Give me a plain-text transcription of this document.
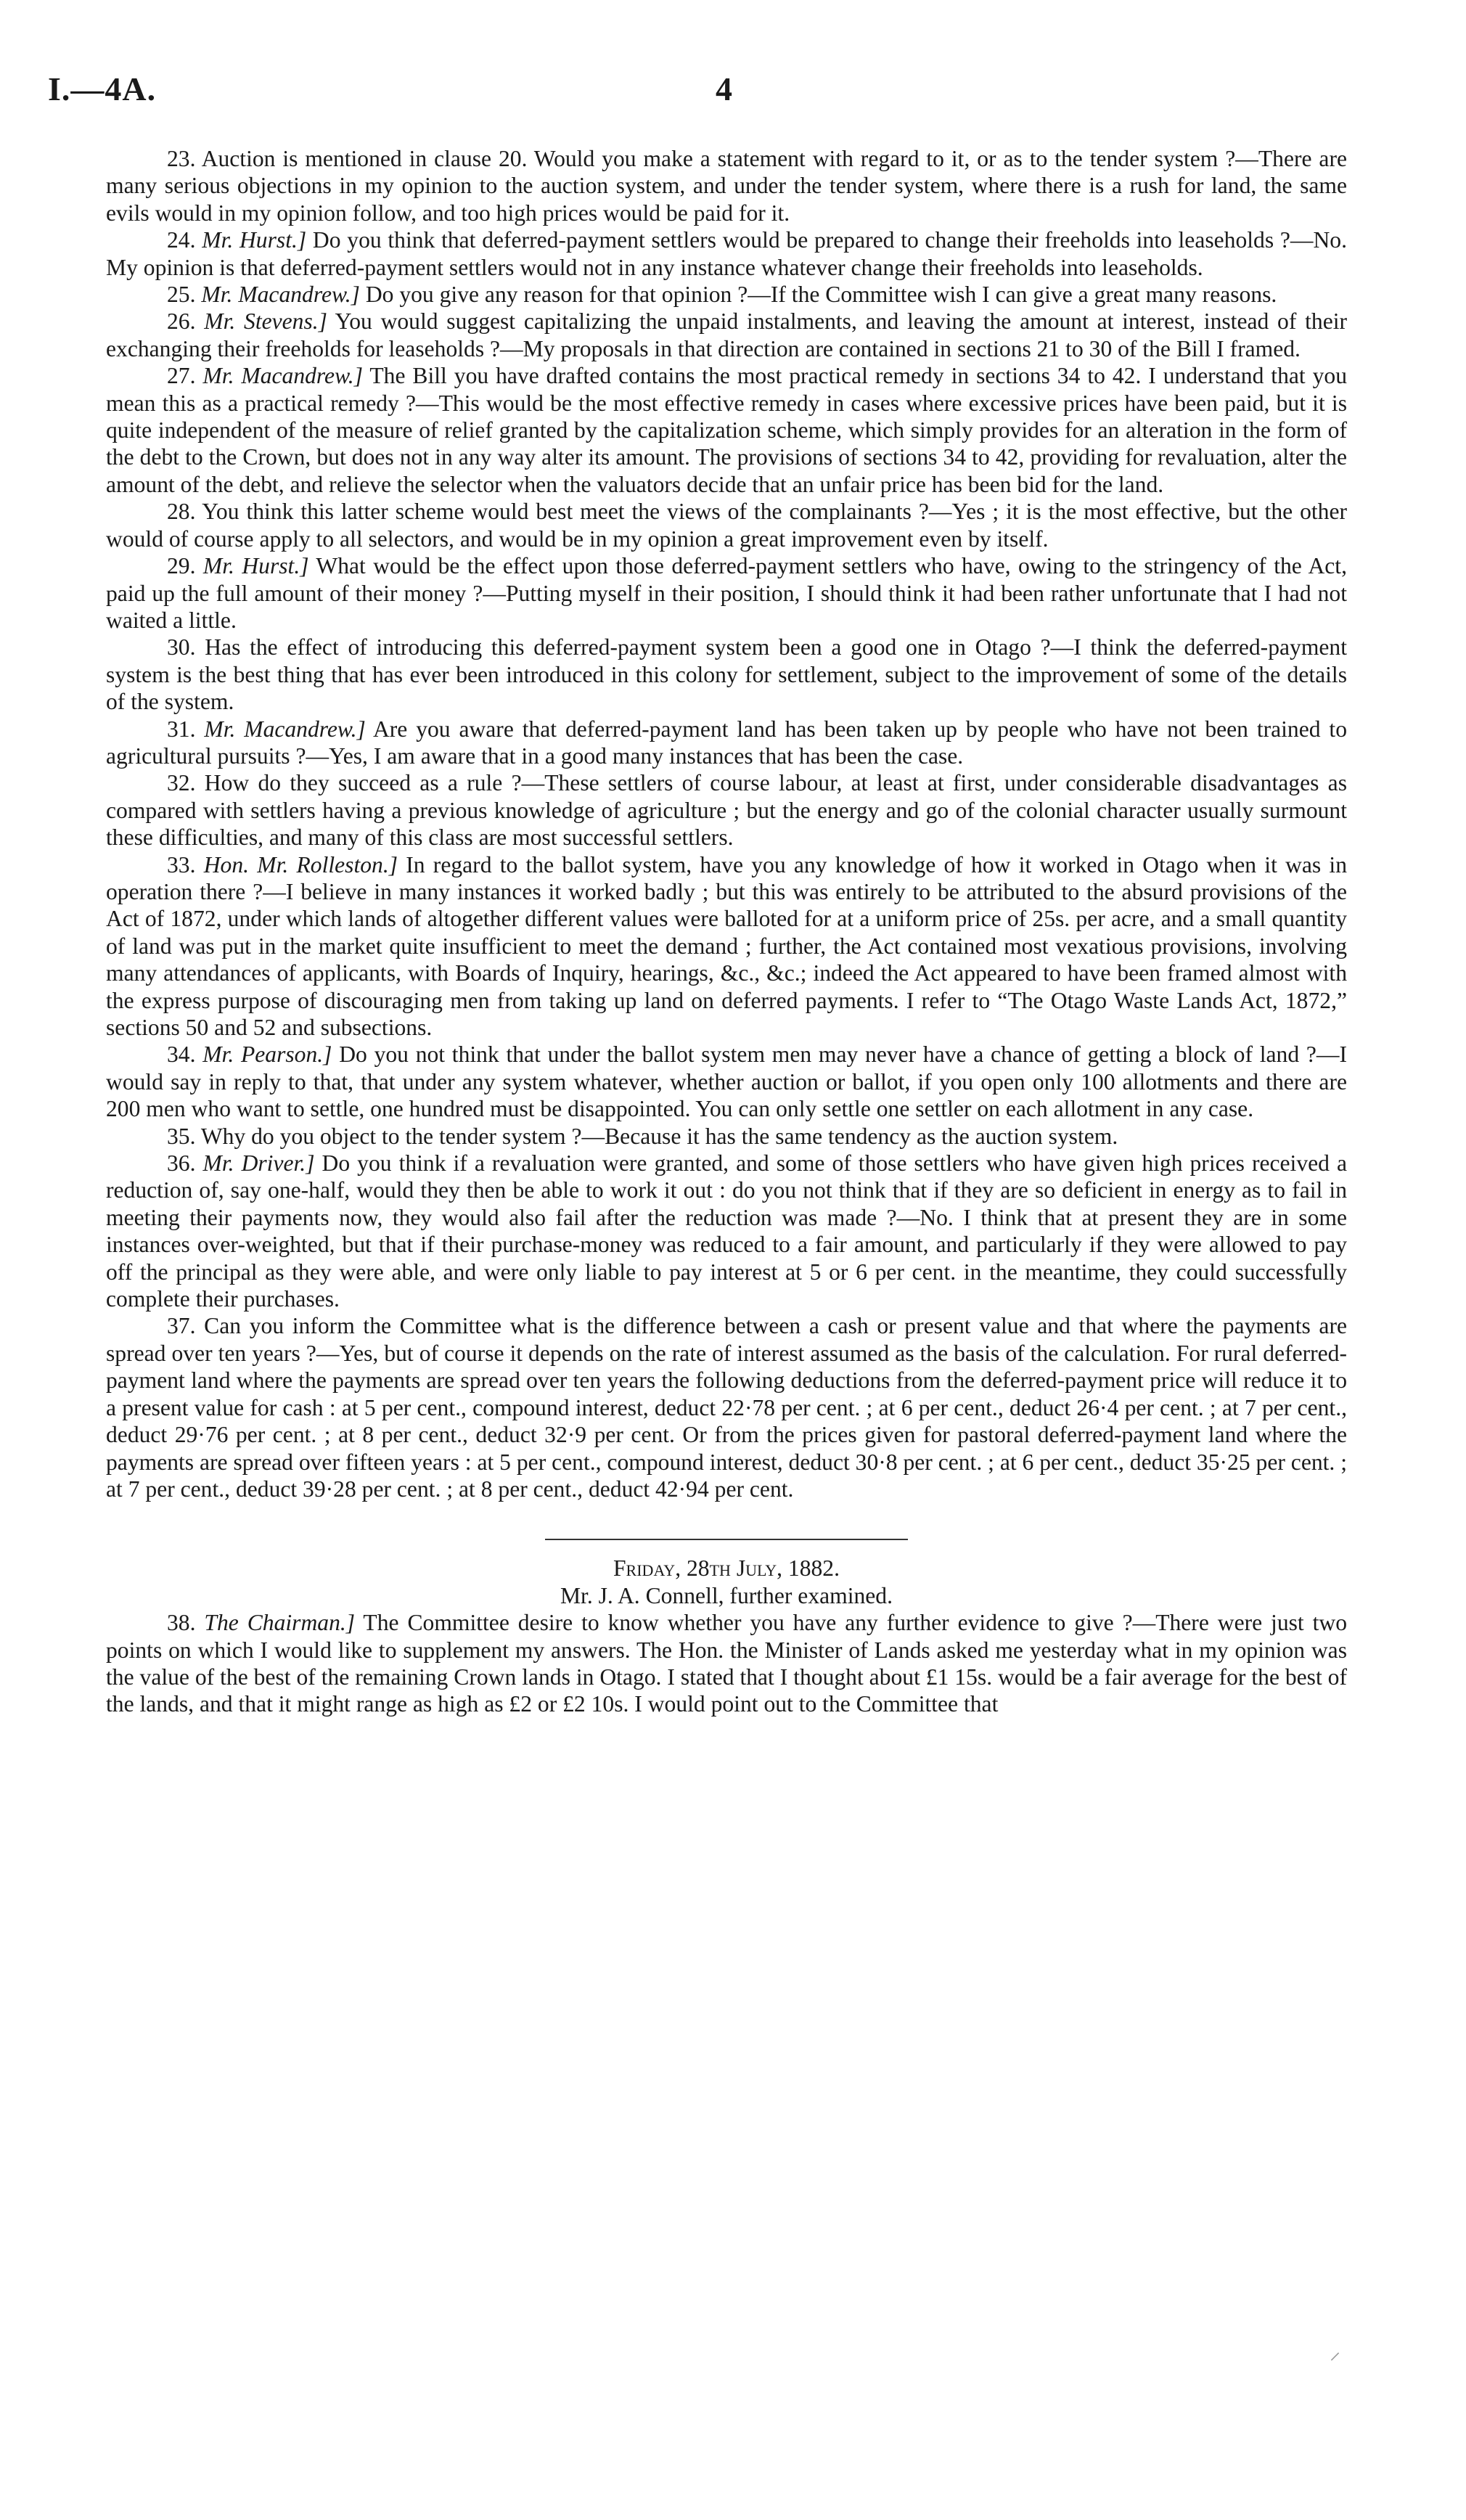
I.—4A.	4

23. Auction is mentioned in clause 20. Would you make a statement with regard to it, or as to the tender system ?—There are many serious objections in my opinion to the auction system, and under the tender system, where there is a rush for land, the same evils would in my opinion follow, and too high prices would be paid for it.

24. Mr. Hurst.] Do you think that deferred-payment settlers would be prepared to change their freeholds into leaseholds ?—No. My opinion is that deferred-payment settlers would not in any instance whatever change their freeholds into leaseholds.

25. Mr. Macandrew.] Do you give any reason for that opinion ?—If the Committee wish I can give a great many reasons.

26. Mr. Stevens.] You would suggest capitalizing the unpaid instalments, and leaving the amount at interest, instead of their exchanging their freeholds for leaseholds ?—My proposals in that direction are contained in sections 21 to 30 of the Bill I framed.

27. Mr. Macandrew.] The Bill you have drafted contains the most practical remedy in sections 34 to 42. I understand that you mean this as a practical remedy ?—This would be the most effective remedy in cases where excessive prices have been paid, but it is quite independent of the measure of relief granted by the capitalization scheme, which simply provides for an alteration in the form of the debt to the Crown, but does not in any way alter its amount. The provisions of sections 34 to 42, providing for revaluation, alter the amount of the debt, and relieve the selector when the valuators decide that an unfair price has been bid for the land.

28. You think this latter scheme would best meet the views of the complainants ?—Yes ; it is the most effective, but the other would of course apply to all selectors, and would be in my opinion a great improvement even by itself.

29. Mr. Hurst.] What would be the effect upon those deferred-payment settlers who have, owing to the stringency of the Act, paid up the full amount of their money ?—Putting myself in their position, I should think it had been rather unfortunate that I had not waited a little.

30. Has the effect of introducing this deferred-payment system been a good one in Otago ?—I think the deferred-payment system is the best thing that has ever been introduced in this colony for settlement, subject to the improvement of some of the details of the system.

31. Mr. Macandrew.] Are you aware that deferred-payment land has been taken up by people who have not been trained to agricultural pursuits ?—Yes, I am aware that in a good many instances that has been the case.

32. How do they succeed as a rule ?—These settlers of course labour, at least at first, under considerable disadvantages as compared with settlers having a previous knowledge of agriculture ; but the energy and go of the colonial character usually surmount these difficulties, and many of this class are most successful settlers.

33. Hon. Mr. Rolleston.] In regard to the ballot system, have you any knowledge of how it worked in Otago when it was in operation there ?—I believe in many instances it worked badly ; but this was entirely to be attributed to the absurd provisions of the Act of 1872, under which lands of altogether different values were balloted for at a uniform price of 25s. per acre, and a small quantity of land was put in the market quite insufficient to meet the demand ; further, the Act contained most vexatious provisions, involving many attendances of applicants, with Boards of Inquiry, hearings, &c., &c.; indeed the Act appeared to have been framed almost with the express purpose of discouraging men from taking up land on deferred payments. I refer to “The Otago Waste Lands Act, 1872,” sections 50 and 52 and subsections.

34. Mr. Pearson.] Do you not think that under the ballot system men may never have a chance of getting a block of land ?—I would say in reply to that, that under any system whatever, whether auction or ballot, if you open only 100 allotments and there are 200 men who want to settle, one hundred must be disappointed. You can only settle one settler on each allotment in any case.

35. Why do you object to the tender system ?—Because it has the same tendency as the auction system.

36. Mr. Driver.] Do you think if a revaluation were granted, and some of those settlers who have given high prices received a reduction of, say one-half, would they then be able to work it out : do you not think that if they are so deficient in energy as to fail in meeting their payments now, they would also fail after the reduction was made ?—No. I think that at present they are in some instances over-weighted, but that if their purchase-money was reduced to a fair amount, and particularly if they were allowed to pay off the principal as they were able, and were only liable to pay interest at 5 or 6 per cent. in the meantime, they could successfully complete their purchases.

37. Can you inform the Committee what is the difference between a cash or present value and that where the payments are spread over ten years ?—Yes, but of course it depends on the rate of interest assumed as the basis of the calculation. For rural deferred-payment land where the payments are spread over ten years the following deductions from the deferred-payment price will reduce it to a present value for cash : at 5 per cent., compound interest, deduct 22·78 per cent. ; at 6 per cent., deduct 26·4 per cent. ; at 7 per cent., deduct 29·76 per cent. ; at 8 per cent., deduct 32·9 per cent. Or from the prices given for pastoral deferred-payment land where the payments are spread over fifteen years : at 5 per cent., compound interest, deduct 30·8 per cent. ; at 6 per cent., deduct 35·25 per cent. ; at 7 per cent., deduct 39·28 per cent. ; at 8 per cent., deduct 42·94 per cent.

Friday, 28th July, 1882.

Mr. J. A. Connell, further examined.

38. The Chairman.] The Committee desire to know whether you have any further evidence to give ?—There were just two points on which I would like to supplement my answers. The Hon. the Minister of Lands asked me yesterday what in my opinion was the value of the best of the remaining Crown lands in Otago. I stated that I thought about £1 15s. would be a fair average for the best of the lands, and that it might range as high as £2 or £2 10s. I would point out to the Committee that

⸝
